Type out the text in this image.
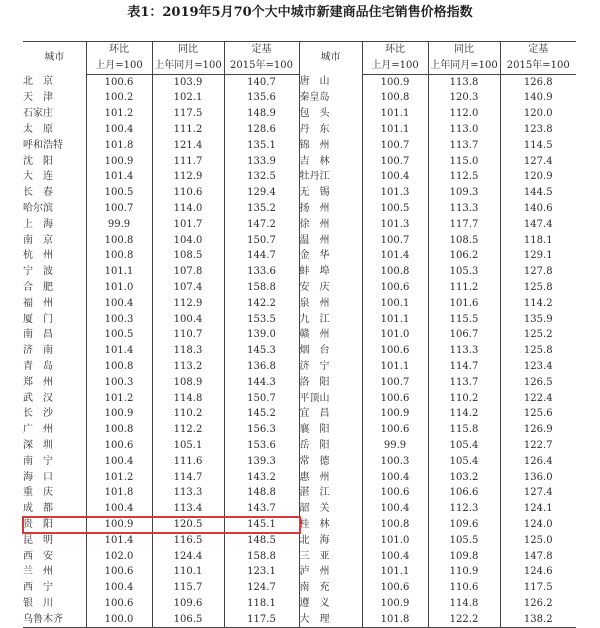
表1：2019年5月70个大中城市新建商品住宅销售价格指数
城市	环比	同比	定基	城市	环比	同比	定基
	上月=100	上年同月=100	2015年=100		上月=100	上年同月=100	2015年=100
北　京	100.6	103.9	140.7	唐　山	100.9	113.8	126.8
天　津	100.2	102.1	135.6	秦皇岛	100.8	120.3	140.9
石家庄	101.2	117.5	148.9	包　头	101.1	112.0	120.0
太　原	100.4	111.2	128.6	丹　东	101.1	113.0	123.8
呼和浩特	101.8	121.4	135.1	锦　州	100.7	113.7	114.5
沈　阳	100.9	111.7	133.9	吉　林	100.7	115.0	127.4
大　连	101.4	112.9	132.5	牡丹江	100.4	112.5	120.9
长　春	100.5	110.6	129.4	无　锡	101.3	109.3	144.5
哈尔滨	100.7	114.0	135.2	扬　州	100.5	113.3	140.6
上　海	99.9	101.7	147.2	徐　州	101.3	117.7	147.4
南　京	100.8	104.0	150.7	温　州	100.7	108.5	118.1
杭　州	100.8	108.5	144.7	金　华	101.4	106.2	129.1
宁　波	101.1	107.8	133.6	蚌　埠	100.8	105.3	127.8
合　肥	101.0	107.4	158.8	安　庆	100.6	111.2	125.8
福　州	100.4	112.9	142.2	泉　州	100.1	101.6	114.2
厦　门	100.3	100.4	153.5	九　江	101.1	115.5	135.9
南　昌	100.5	110.7	139.0	赣　州	101.0	106.7	125.2
济　南	101.4	118.3	145.3	烟　台	100.6	113.3	125.8
青　岛	100.8	113.2	136.8	济　宁	101.1	114.7	123.4
郑　州	100.3	108.9	144.3	洛　阳	100.7	113.7	126.5
武　汉	101.2	114.8	150.7	平顶山	100.6	110.2	122.4
长　沙	100.9	110.2	145.2	宜　昌	100.9	114.2	125.6
广　州	100.8	112.2	156.3	襄　阳	100.6	115.8	126.9
深　圳	100.6	105.1	153.6	岳　阳	99.9	105.4	122.7
南　宁	100.4	111.6	139.3	常　德	100.3	105.4	126.4
海　口	101.2	114.7	143.2	惠　州	100.4	103.2	136.0
重　庆	101.8	113.3	148.8	湛　江	100.6	106.6	127.4
成　都	100.4	113.4	143.7	韶　关	100.4	112.3	124.1
贵　阳	100.9	120.5	145.1	桂　林	100.8	109.6	124.0
昆　明	101.4	116.5	148.5	北　海	101.0	105.5	125.0
西　安	102.0	124.4	158.8	三　亚	100.4	109.8	147.8
兰　州	100.6	110.1	123.1	泸　州	101.1	110.9	124.6
西　宁	100.4	115.7	124.7	南　充	100.6	110.6	117.5
银　川	100.6	109.6	118.1	遵　义	100.9	114.8	126.2
乌鲁木齐	100.0	106.5	117.5	大　理	101.8	122.2	138.2
